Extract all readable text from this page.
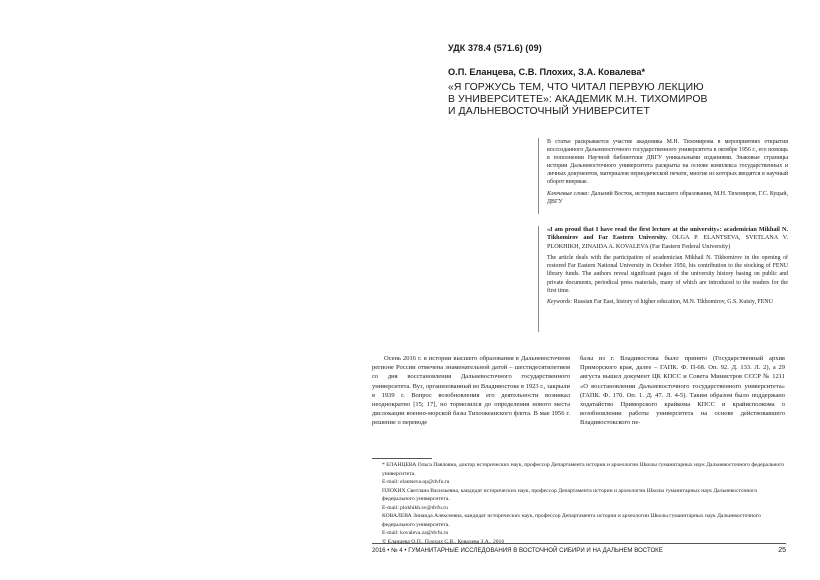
УДК 378.4 (571.6) (09)
О.П. Еланцева, С.В. Плохих, З.А. Ковалева*
«Я ГОРЖУСЬ ТЕМ, ЧТО ЧИТАЛ ПЕРВУЮ ЛЕКЦИЮ
В УНИВЕРСИТЕТЕ»: АКАДЕМИК М.Н. ТИХОМИРОВ
И ДАЛЬНЕВОСТОЧНЫЙ УНИВЕРСИТЕТ

В статье раскрывается участие академика М.Н. Тихомирова в мероприятиях открытия воссозданного Дальневосточного государственного университета в октябре 1956 г., его помощь в пополнении Научной библиотеки ДВГУ уникальными изданиями. Знаковые страницы истории Дальневосточного университета раскрыты на основе комплекса государственных и личных документов, материалов периодической печати, многие из которых вводятся в научный оборот впервые.

Ключевые слова: Дальний Восток, история высшего образования, М.Н. Тихомиров, Г.С. Куцый, ДВГУ
«I am proud that I have read the first lecture at the university»: academician Mikhail N. Tikhomirov and Far Eastern University. OLGA P. ELANTSEVA, SVETLANA V. PLOKHIKH, ZINAIDA A. KOVALEVA (Far Eastern Federal University)

The article deals with the participation of academician Mikhail N. Tikhomirov in the opening of restored Far Eastern National University in October 1956, his contribution to the stocking of FENU library funds. The authors reveal significant pages of the university history basing on public and private documents, periodical press materials, many of which are introduced to the readers for the first time.

Keywords: Russian Far East, history of higher education, M.N. Tikhomirov, G.S. Kutsiy, FENU
Осень 2016 г. в истории высшего образования в Дальневосточном регионе России отмечена знаменательной датой – шестидесятилетием со дня восстановления Дальневосточного государственного университета. Вуз, организованный во Владивостоке в 1923 г., закрыли в 1939 г. Вопрос возобновления его деятельности возникал неоднократно [15; 17], но тормозился до определения нового места дислокации военно-морской базы Тихоокеанского флота. В мае 1956 г. решение о переводе
базы из г. Владивостока было принято (Государственный архив Приморского края, далее – ГАПК. Ф. П-68. Оп. 92. Д. 133. Л. 2), а 29 августа вышел документ ЦК КПСС и Совета Министров СССР № 1211 «О восстановлении Дальневосточного государственного университета» (ГАПК. Ф. 170. Оп. 1. Д. 47. Л. 4-5). Таким образом было поддержано ходатайство Приморского крайкома КПСС и крайисполкома о возобновлении работы университета на основе действовавшего Владивостокского пе-
* ЕЛАНЦЕВА Ольга Павловна, доктор исторических наук, профессор Департамента истории и археологии Школы гуманитарных наук Дальневосточного федерального университета.
E-mail: elantseva.op@dvfu.ru
ПЛОХИХ Светлана Васильевна, кандидат исторических наук, профессор Департамента истории и археологии Школы гуманитарных наук Дальневосточного федерального университета.
E-mail: plokhikh.sv@dvfu.ru
КОВАЛЕВА Зинаида Алексеевна, кандидат исторических наук, профессор Департамента истории и археологии Школы гуманитарных наук Дальневосточного федерального университета.
E-mail: kovaleva.za@dvfu.ru
© Еланцева О.П., Плохих С.В., Ковалева З.А., 2016
2016 • № 4 • ГУМАНИТАРНЫЕ ИССЛЕДОВАНИЯ В ВОСТОЧНОЙ СИБИРИ И НА ДАЛЬНЕМ ВОСТОКЕ	25
